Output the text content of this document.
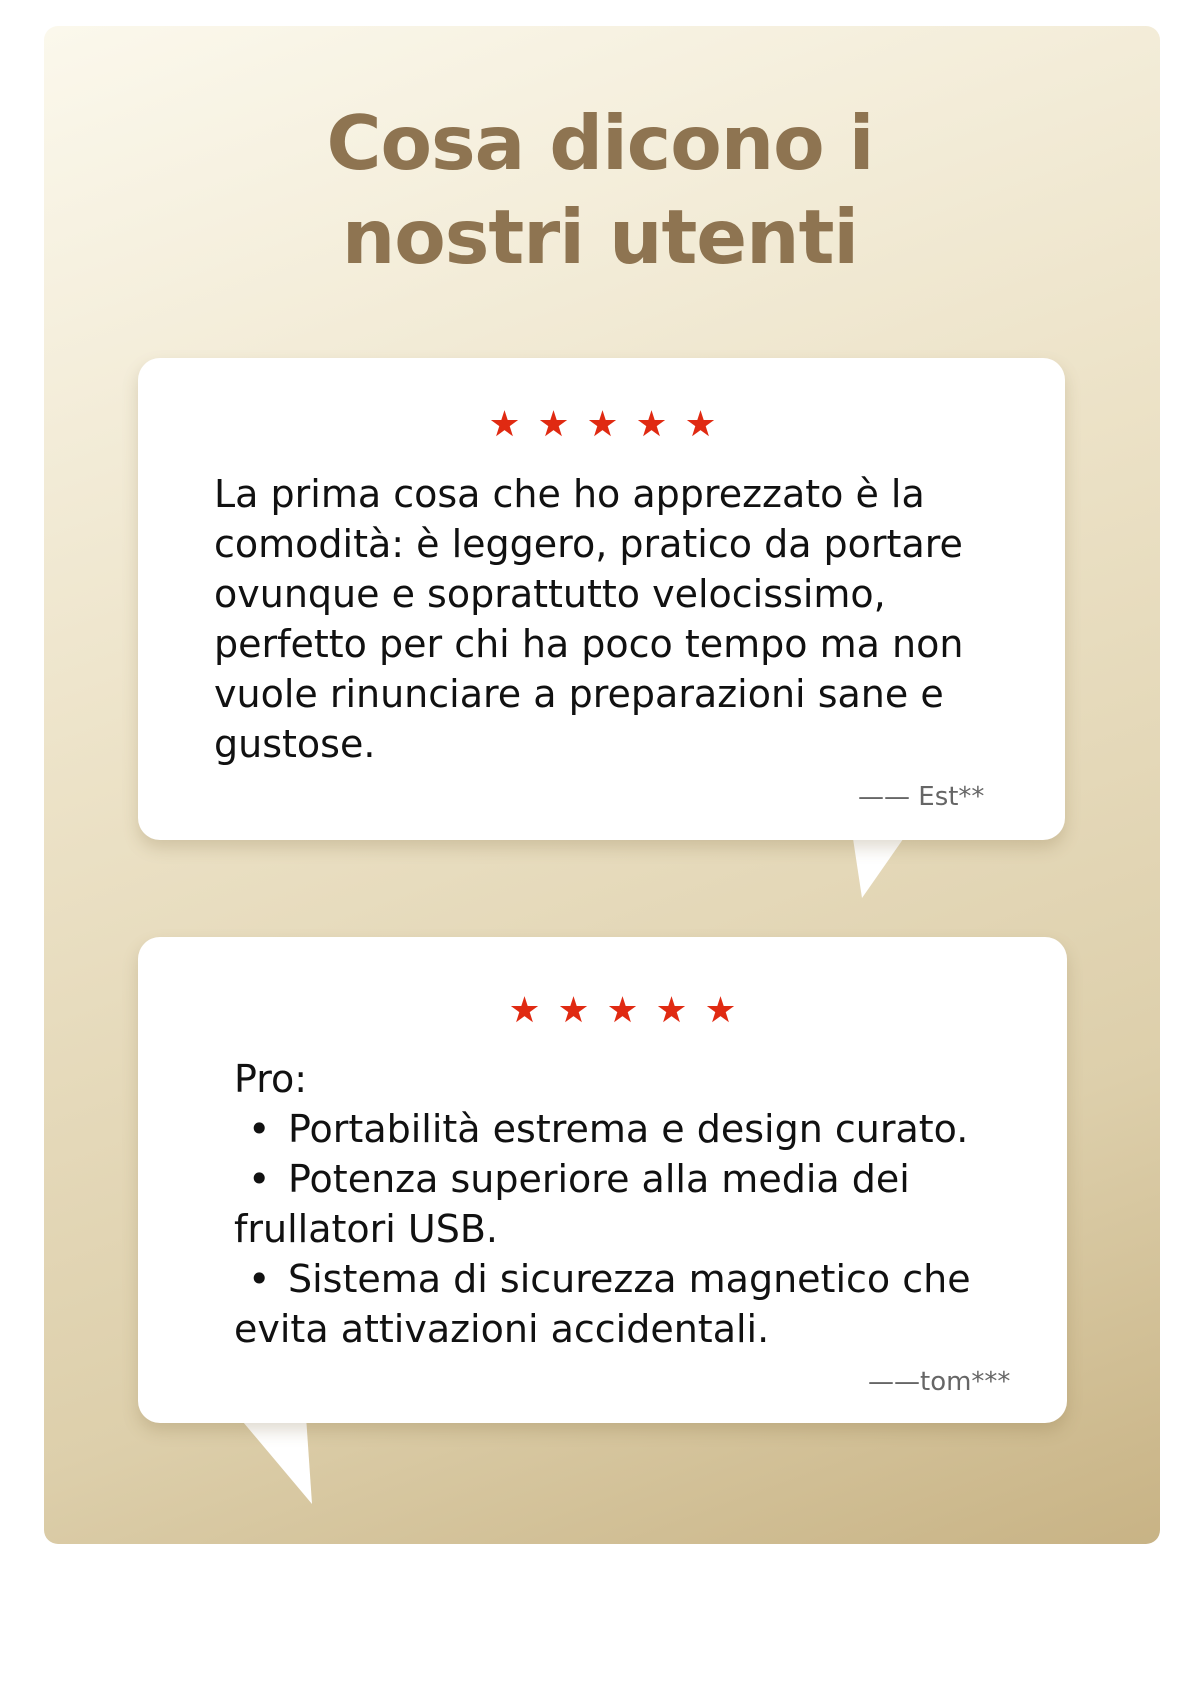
Cosa dicono i
nostri utenti

La prima cosa che ho apprezzato è la comodità: è leggero, pratico da portare ovunque e soprattutto velocissimo, perfetto per chi ha poco tempo ma non vuole rinunciare a preparazioni sane e gustose.

—— Est**
Pro:
• Portabilità estrema e design curato.
• Potenza superiore alla media dei frullatori USB.
• Sistema di sicurezza magnetico che evita attivazioni accidentali.
——tom***
